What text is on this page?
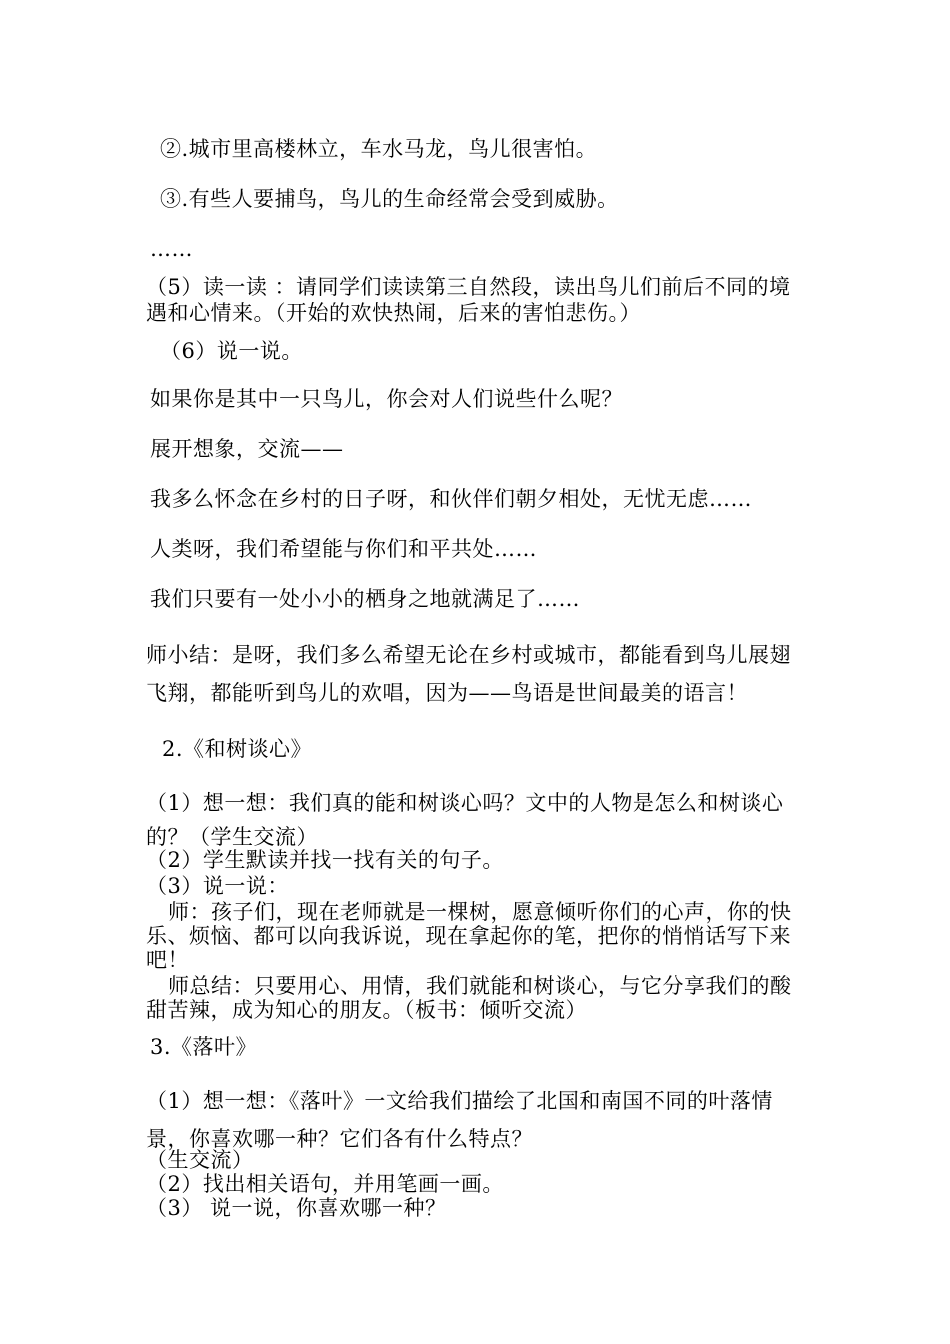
②.城市里高楼林立，车水马龙，鸟儿很害怕。

③.有些人要捕鸟，鸟儿的生命经常会受到威胁。

……

（5）读一读 ：请同学们读读第三自然段，读出鸟儿们前后不同的境遇和心情来。（开始的欢快热闹，后来的害怕悲伤。）

（6）说一说。

如果你是其中一只鸟儿，你会对人们说些什么呢？

展开想象，交流——

我多么怀念在乡村的日子呀，和伙伴们朝夕相处，无忧无虑……

人类呀，我们希望能与你们和平共处……

我们只要有一处小小的栖身之地就满足了……

师小结：是呀，我们多么希望无论在乡村或城市，都能看到鸟儿展翅飞翔，都能听到鸟儿的欢唱，因为——鸟语是世间最美的语言！

2.《和树谈心》

（1）想一想：我们真的能和树谈心吗？文中的人物是怎么和树谈心的？（学生交流）

（2）学生默读并找一找有关的句子。

（3）说一说：

师：孩子们，现在老师就是一棵树，愿意倾听你们的心声，你的快乐、烦恼、都可以向我诉说，现在拿起你的笔，把你的悄悄话写下来吧！

师总结：只要用心、用情，我们就能和树谈心，与它分享我们的酸甜苦辣，成为知心的朋友。（板书：倾听交流）

3.《落叶》

（1）想一想：《落叶》一文给我们描绘了北国和南国不同的叶落情景，你喜欢哪一种？它们各有什么特点？

（生交流）

（2）找出相关语句，并用笔画一画。

（3） 说一说，你喜欢哪一种？
